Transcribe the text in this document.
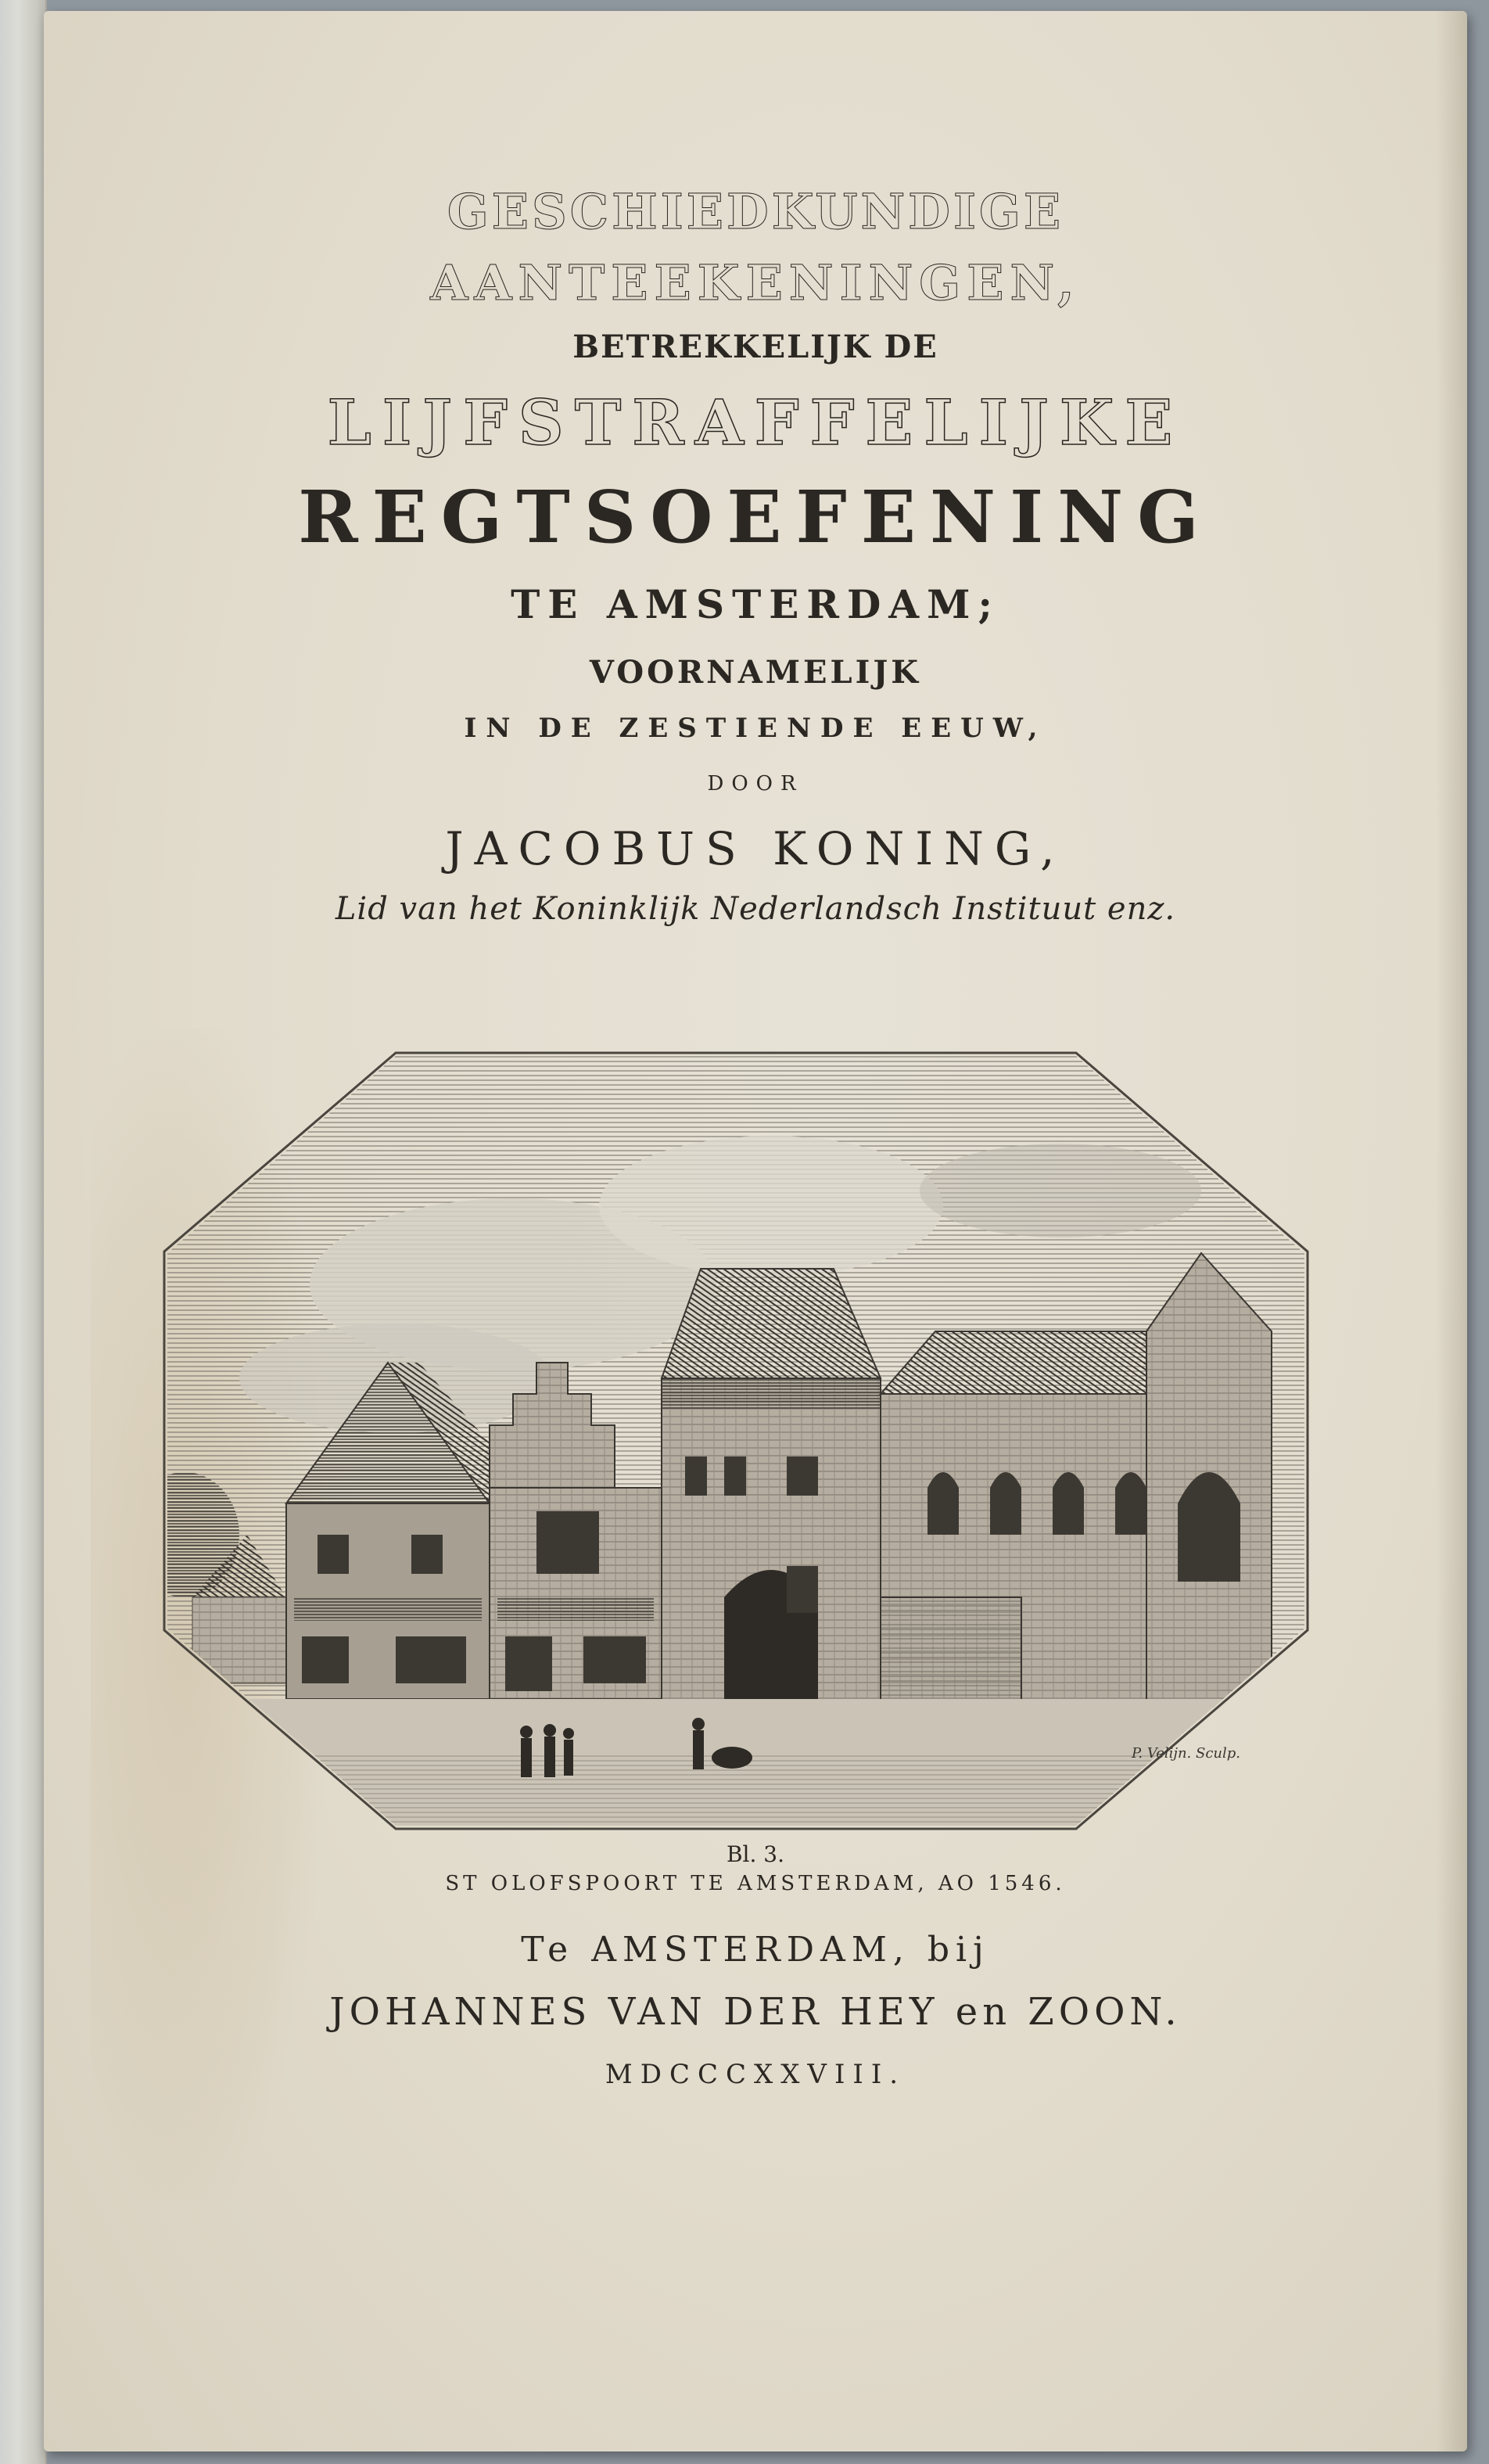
GESCHIEDKUNDIGE
AANTEEKENINGEN,
BETREKKELIJK DE
LIJFSTRAFFELIJKE
REGTSOEFENING
TE AMSTERDAM;
VOORNAMELIJK
IN DE ZESTIENDE EEUW,
DOOR
JACOBUS KONING,
Lid van het Koninklijk Nederlandsch Instituut enz.
P. Velijn. Sculp.
Bl. 3.
ST OLOFSPOORT TE AMSTERDAM, AO 1546.
Te AMSTERDAM, bij
JOHANNES VAN DER HEY en ZOON.
MDCCCXXVIII.
